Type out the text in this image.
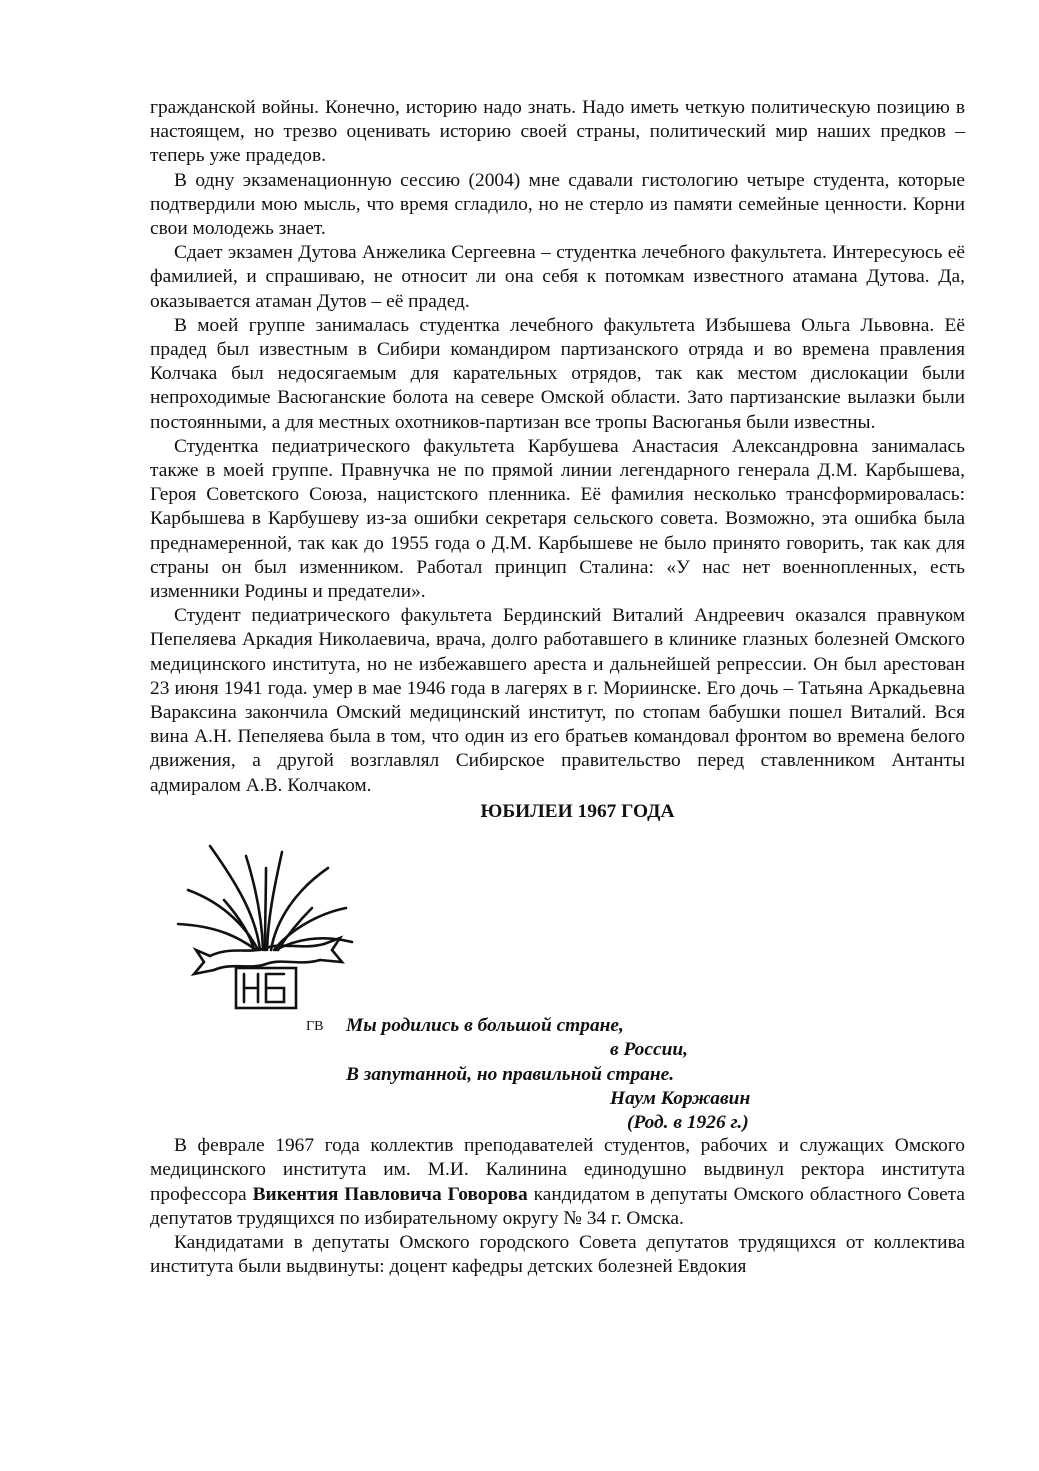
гражданской войны. Конечно, историю надо знать. Надо иметь четкую политическую позицию в настоящем, но трезво оценивать историю своей страны, политический мир наших предков – теперь уже прадедов.

В одну экзаменационную сессию (2004) мне сдавали гистологию четыре студента, которые подтвердили мою мысль, что время сгладило, но не стерло из памяти семейные ценности. Корни свои молодежь знает.

Сдает экзамен Дутова Анжелика Сергеевна – студентка лечебного факультета. Интересуюсь её фамилией, и спрашиваю, не относит ли она себя к потомкам известного атамана Дутова. Да, оказывается атаман Дутов – её прадед.

В моей группе занималась студентка лечебного факультета Избышева Ольга Львовна. Её прадед был известным в Сибири командиром партизанского отряда и во времена правления Колчака был недосягаемым для карательных отрядов, так как местом дислокации были непроходимые Васюганские болота на севере Омской области. Зато партизанские вылазки были постоянными, а для местных охотников-партизан все тропы Васюганья были известны.

Студентка педиатрического факультета Карбушева Анастасия Александровна занималась также в моей группе. Правнучка не по прямой линии легендарного генерала Д.М. Карбышева, Героя Советского Союза, нацистского пленника. Её фамилия несколько трансформировалась: Карбышева в Карбушеву из-за ошибки секретаря сельского совета. Возможно, эта ошибка была преднамеренной, так как до 1955 года о Д.М. Карбышеве не было принято говорить, так как для страны он был изменником. Работал принцип Сталина: «У нас нет военнопленных, есть изменники Родины и предатели».

Студент педиатрического факультета Бердинский Виталий Андреевич оказался правнуком Пепеляева Аркадия Николаевича, врача, долго работавшего в клинике глазных болезней Омского медицинского института, но не избежавшего ареста и дальнейшей репрессии. Он был арестован 23 июня 1941 года. умер в мае 1946 года в лагерях в г. Мориинске. Его дочь – Татьяна Аркадьевна Вараксина закончила Омский медицинский институт, по стопам бабушки пошел Виталий. Вся вина А.Н. Пепеляева была в том, что один из его братьев командовал фронтом во времена белого движения, а другой возглавлял Сибирское правительство перед ставленником Антанты адмиралом А.В. Колчаком.

ЮБИЛЕИ 1967 ГОДА
ГВ Мы родились в большой стране,
в России,
В запутанной, но правильной стране.
Наум Коржавин
(Род. в 1926 г.)

В феврале 1967 года коллектив преподавателей студентов, рабочих и служащих Омского медицинского института им. М.И. Калинина единодушно выдвинул ректора института профессора Викентия Павловича Говорова кандидатом в депутаты Омского областного Совета депутатов трудящихся по избирательному округу № 34 г. Омска.

Кандидатами в депутаты Омского городского Совета депутатов трудящихся от коллектива института были выдвинуты: доцент кафедры детских болезней Евдокия
